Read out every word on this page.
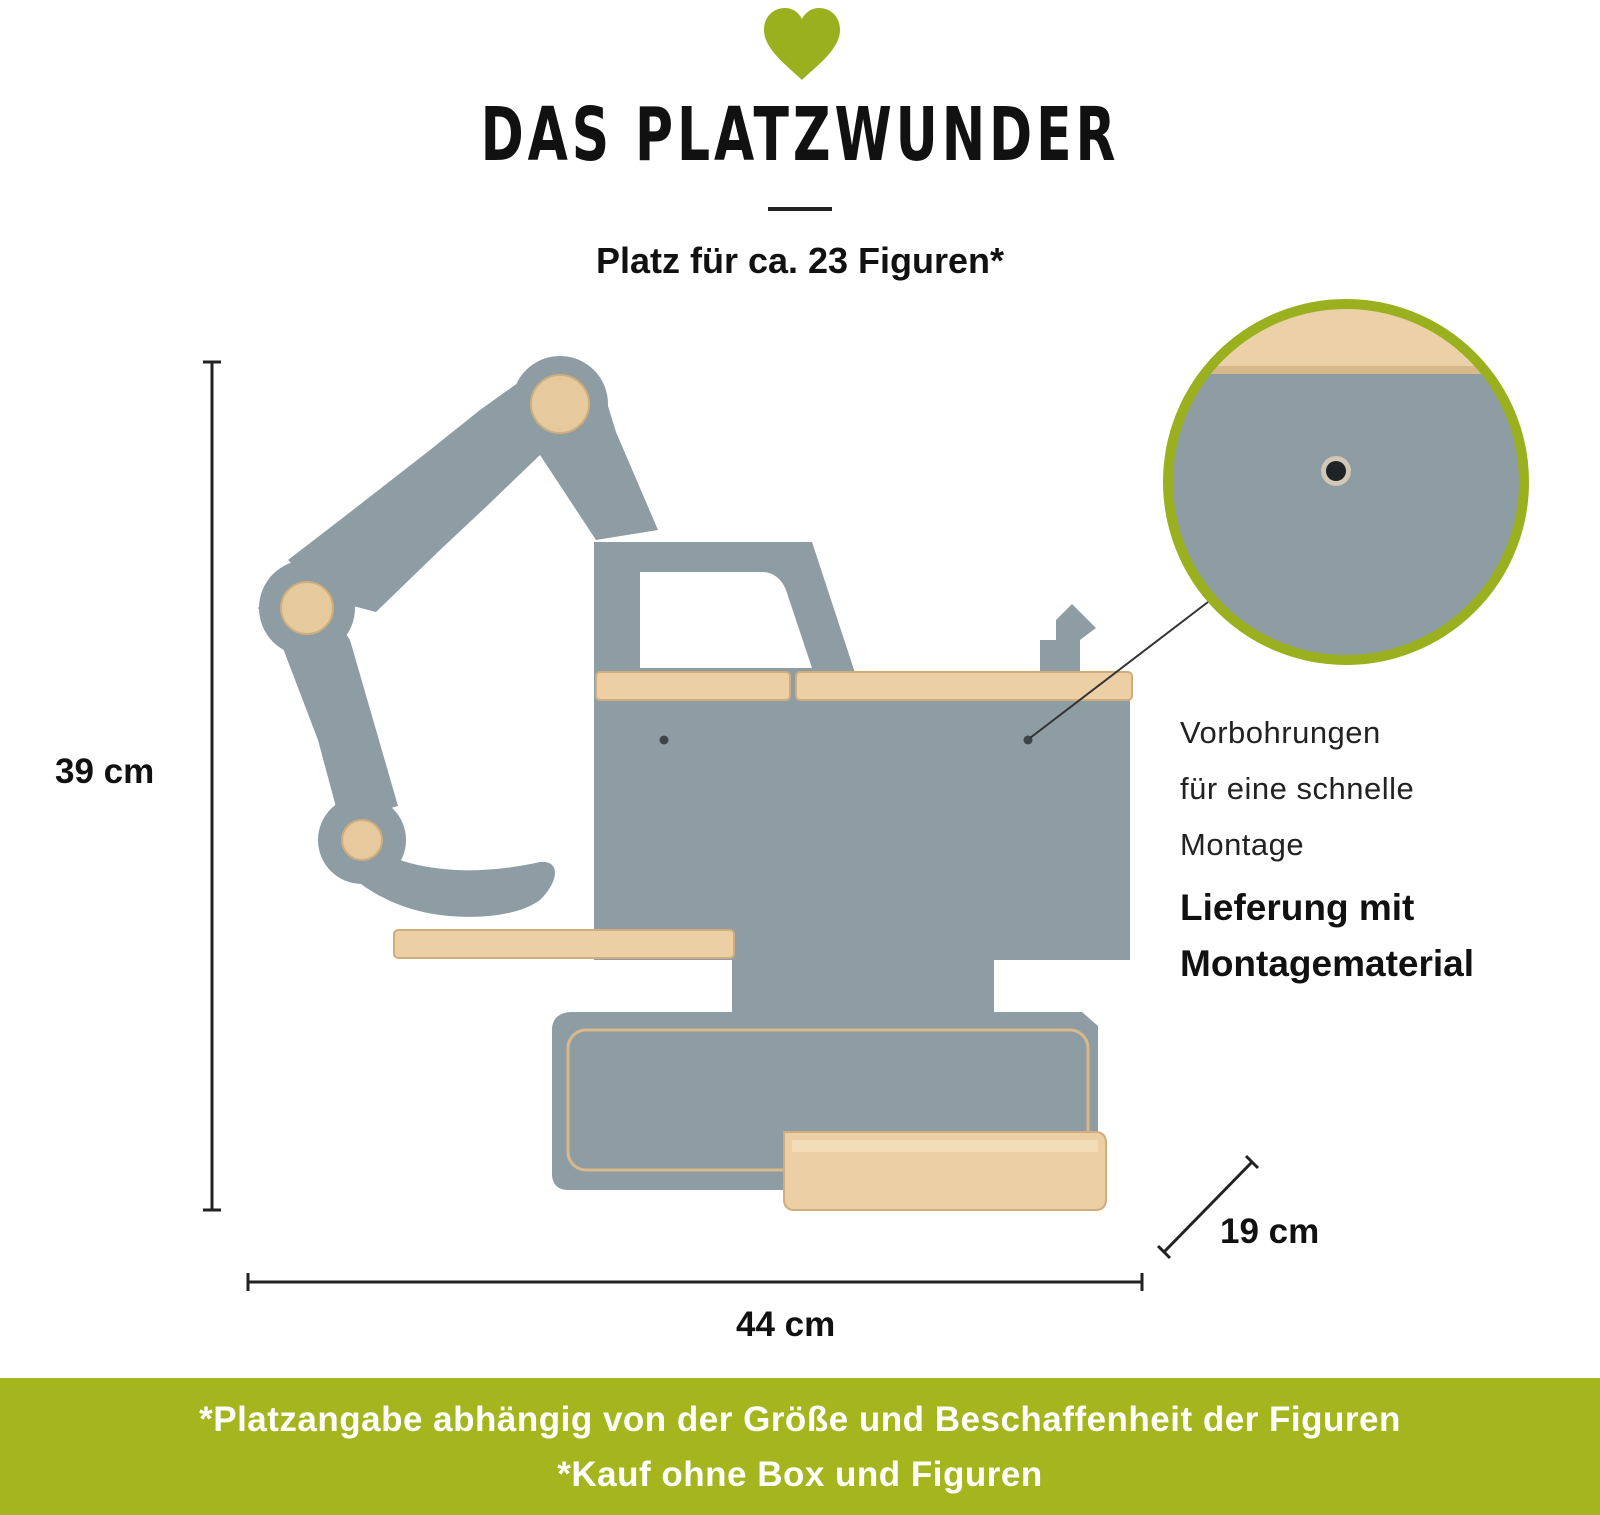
DAS PLATZWUNDER
Platz für ca. 23 Figuren*
39 cm
44 cm
19 cm
Vorbohrungen
für eine schnelle
Montage
Lieferung mit
Montagematerial
*Platzangabe abhängig von der Größe und Beschaffenheit der Figuren
*Kauf ohne Box und Figuren
